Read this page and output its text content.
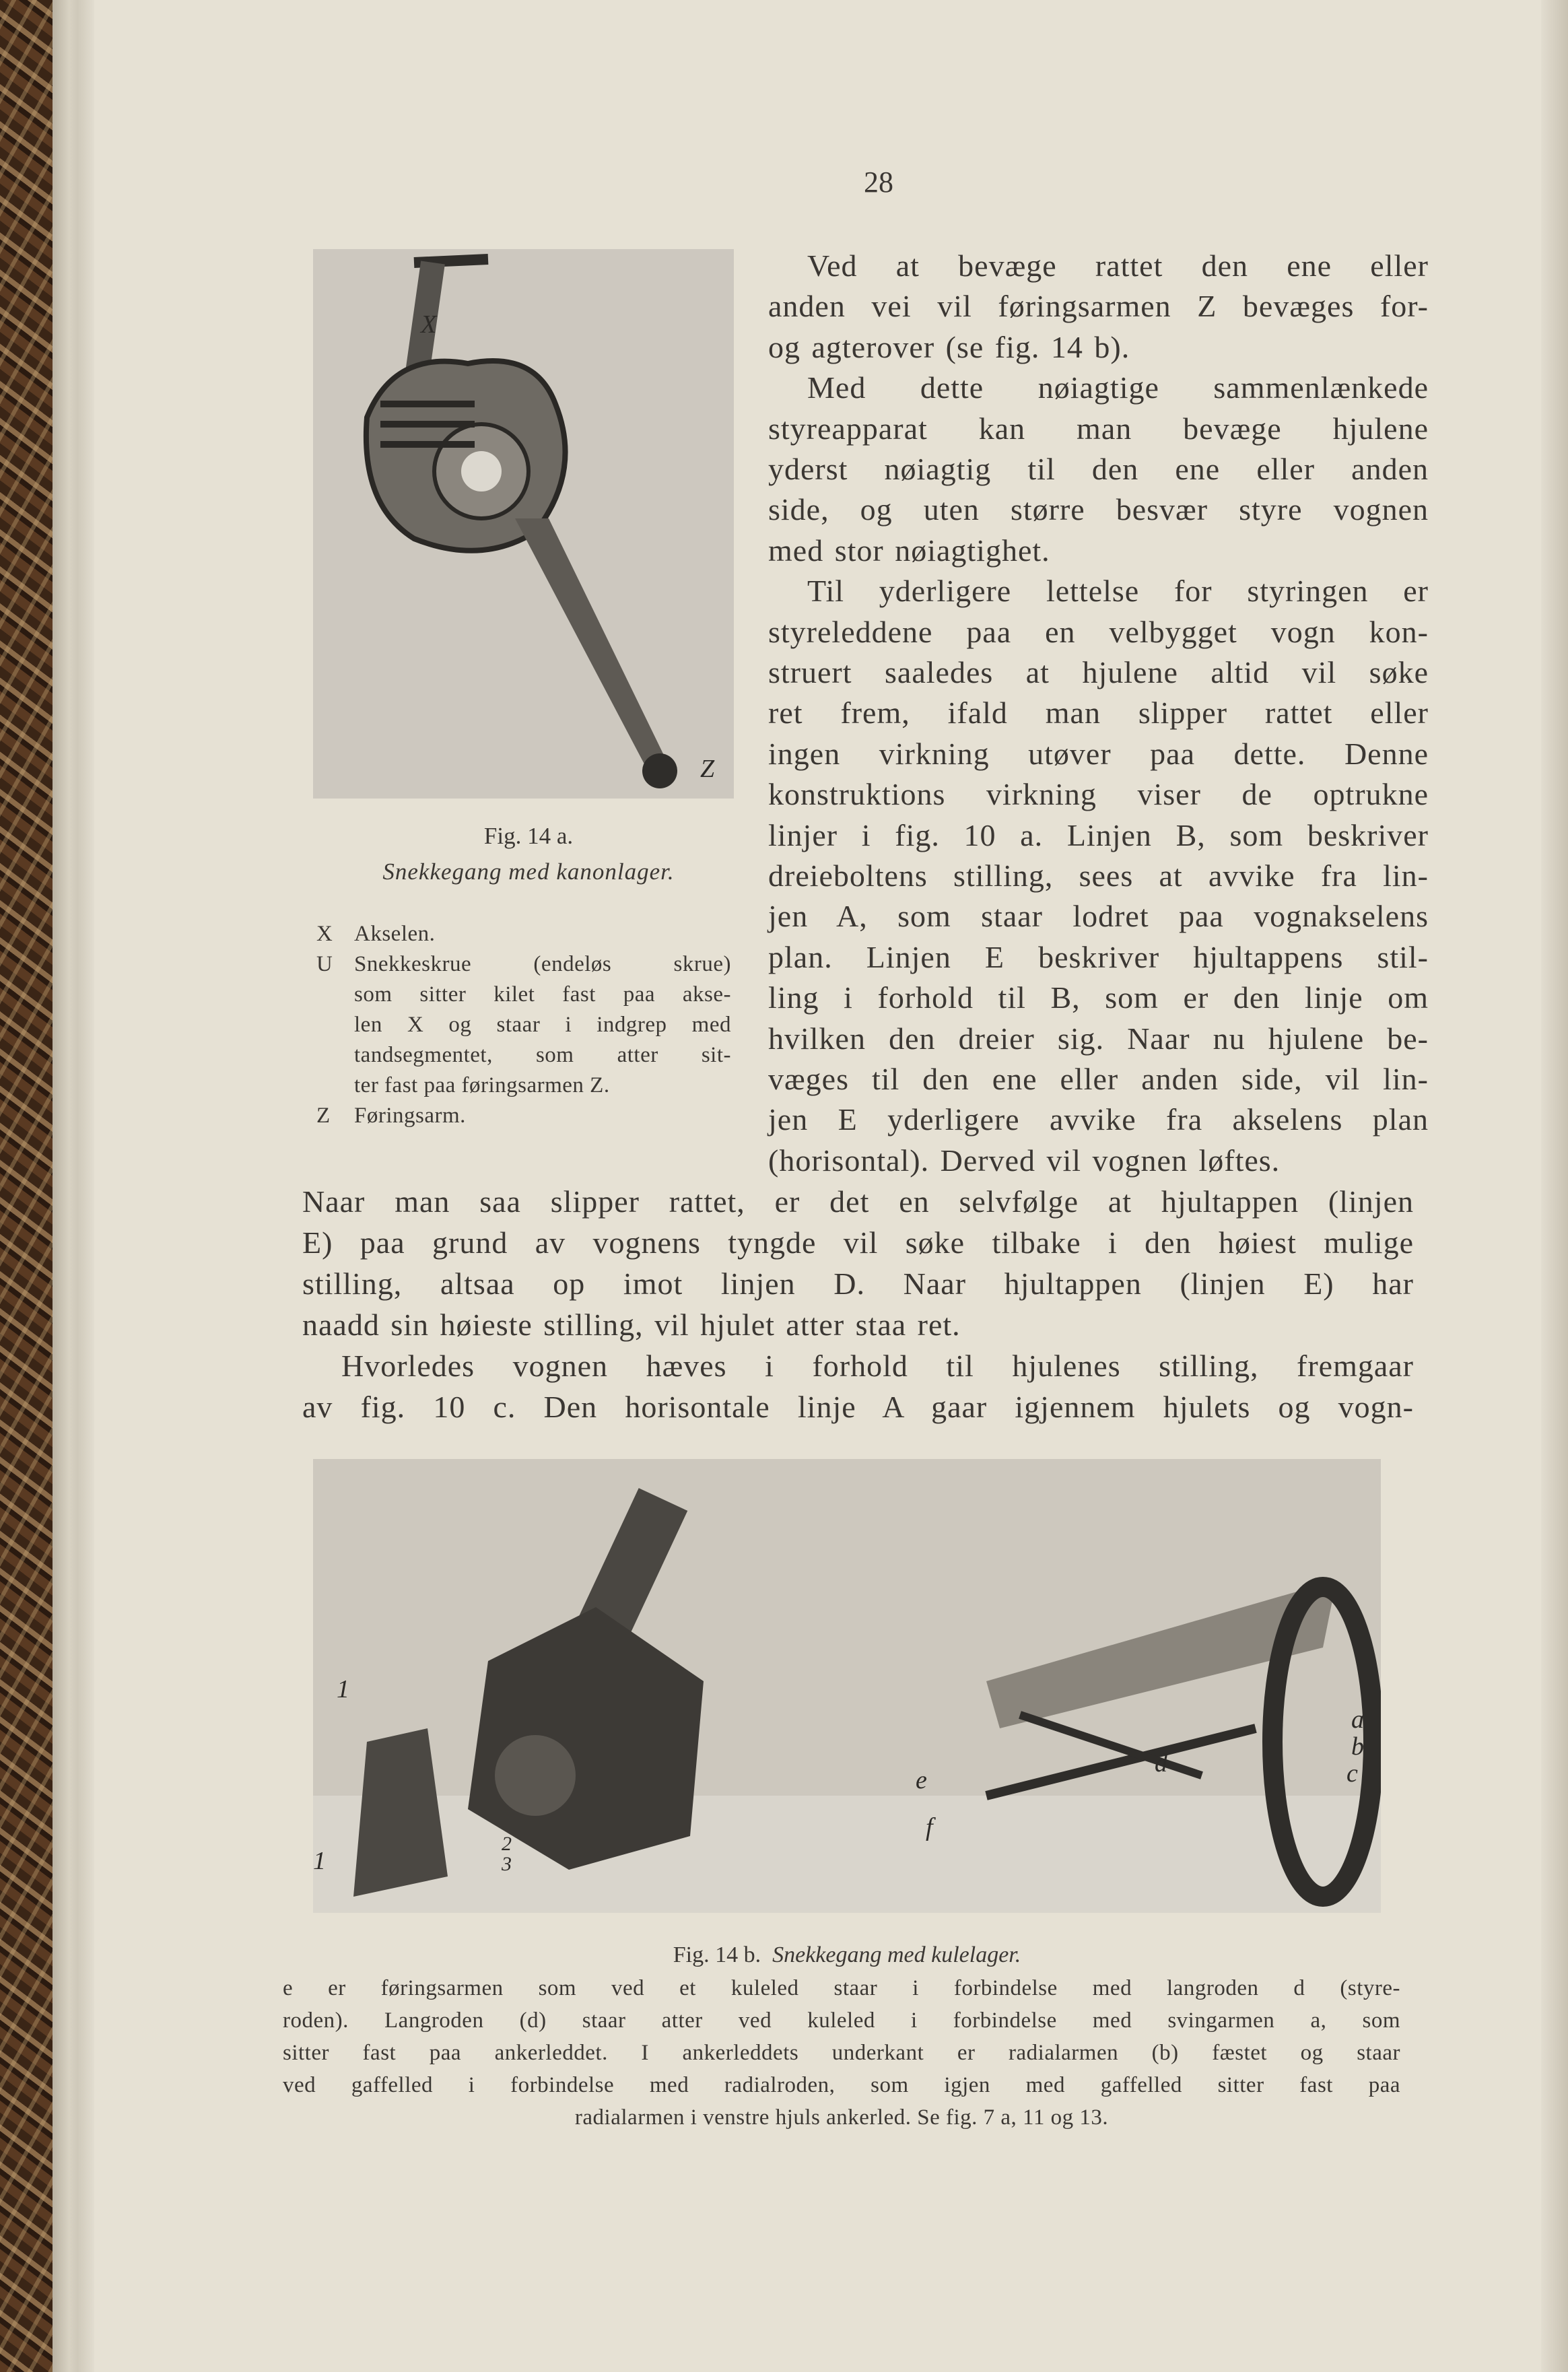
28
X
Z
Fig. 14 a.
Snekkegang med kanonlager.
X Akselen.
U Snekkeskrue (endeløs skrue)
som sitter kilet fast paa akse-
len X og staar i indgrep med
tandsegmentet, som atter sit-
ter fast paa føringsarmen Z.
Z Føringsarm.
Ved at bevæge rattet den ene eller
anden vei vil føringsarmen Z bevæges for-
og agterover (se fig. 14 b).
Med dette nøiagtige sammenlænkede
styreapparat kan man bevæge hjulene
yderst nøiagtig til den ene eller anden
side, og uten større besvær styre vognen
med stor nøiagtighet.
Til yderligere lettelse for styringen er
styreleddene paa en velbygget vogn kon-
struert saaledes at hjulene altid vil søke
ret frem, ifald man slipper rattet eller
ingen virkning utøver paa dette. Denne
konstruktions virkning viser de optrukne
linjer i fig. 10 a. Linjen B, som beskriver
dreieboltens stilling, sees at avvike fra lin-
jen A, som staar lodret paa vognakselens
plan. Linjen E beskriver hjultappens stil-
ling i forhold til B, som er den linje om
hvilken den dreier sig. Naar nu hjulene be-
væges til den ene eller anden side, vil lin-
jen E yderligere avvike fra akselens plan
(horisontal). Derved vil vognen løftes.
Naar man saa slipper rattet, er det en selvfølge at hjultappen (linjen
E) paa grund av vognens tyngde vil søke tilbake i den høiest mulige
stilling, altsaa op imot linjen D. Naar hjultappen (linjen E) har
naadd sin høieste stilling, vil hjulet atter staa ret.
Hvorledes vognen hæves i forhold til hjulenes stilling, fremgaar
av fig. 10 c. Den horisontale linje A gaar igjennem hjulets og vogn-
1
2
3
1
a
b
c
d
e
f
Fig. 14 b. Snekkegang med kulelager.
e er føringsarmen som ved et kuleled staar i forbindelse med langroden d (styre-
roden). Langroden (d) staar atter ved kuleled i forbindelse med svingarmen a, som
sitter fast paa ankerleddet. I ankerleddets underkant er radialarmen (b) fæstet og staar
ved gaffelled i forbindelse med radialroden, som igjen med gaffelled sitter fast paa
radialarmen i venstre hjuls ankerled. Se fig. 7 a, 11 og 13.
